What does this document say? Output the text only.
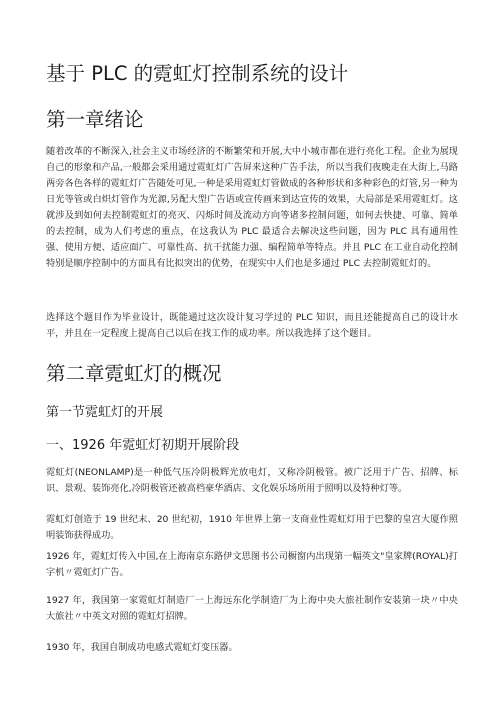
基于 PLC 的霓虹灯控制系统的设计
第一章绪论

随着改革的不断深入,社会主义市场经济的不断繁荣和开展,大中小城市都在进行亮化工程。企业为展现自己的形象和产品,一般都会采用通过霓虹灯广告屏来这种广告手法，所以当我们夜晚走在大街上,马路两旁各色各样的霓虹灯广告随处可见,一种是采用霓虹灯管做成的各种形状和多种彩色的灯管,另一种为日光等管或白炽灯管作为光源,另配大型广告语或宣传画来到达宣传的效果，大局部是采用霓虹灯。这就涉及到如何去控制霓虹灯的亮灭、闪烁时间及流动方向等诸多控制问题，如何去快捷、可靠、简单的去控制，成为人们考虑的重点，在这我认为 PLC 最适合去解决这些问题，因为 PLC 具有通用性强、使用方便、适应面广、可靠性高、抗干扰能力强、编程简单等特点。并且 PLC 在工业自动化控制特别是顺序控制中的方面具有比拟突出的优势，在现实中人们也是多通过 PLC 去控制霓虹灯的。

选择这个题目作为毕业设计，既能通过这次设计复习学过的 PLC 知识，而且还能提高自己的设计水平，并且在一定程度上提高自己以后在找工作的成功率。所以我选择了这个题目。

第二章霓虹灯的概况
第一节霓虹灯的开展
一、1926 年霓虹灯初期开展阶段

霓虹灯(NEONLAMP)是一种低气压冷阴极辉光放电灯，又称冷阴极管。被广泛用于广告、招牌、标识、景观、装饰亮化,冷阴极管还被高档豪华酒店、文化娱乐场所用于照明以及特种灯等。

霓虹灯创造于 19 世纪末、20 世纪初，1910 年世界上第一支商业性霓虹灯用于巴黎的皇宫大厦作照明装饰获得成功。

1926 年，霓虹灯传入中国,在上海南京东路伊文思图书公司橱窗内出现第一幅英文"皇家牌(ROYAL)打字机〃霓虹灯广告。

1927 年，我国第一家霓虹灯制造厂一上海远东化学制造厂为上海中央大旅社制作安装第一块〃中央大旅社〃中英文对照的霓虹灯招牌。

1930 年，我国自制成功电感式霓虹灯变压器。
